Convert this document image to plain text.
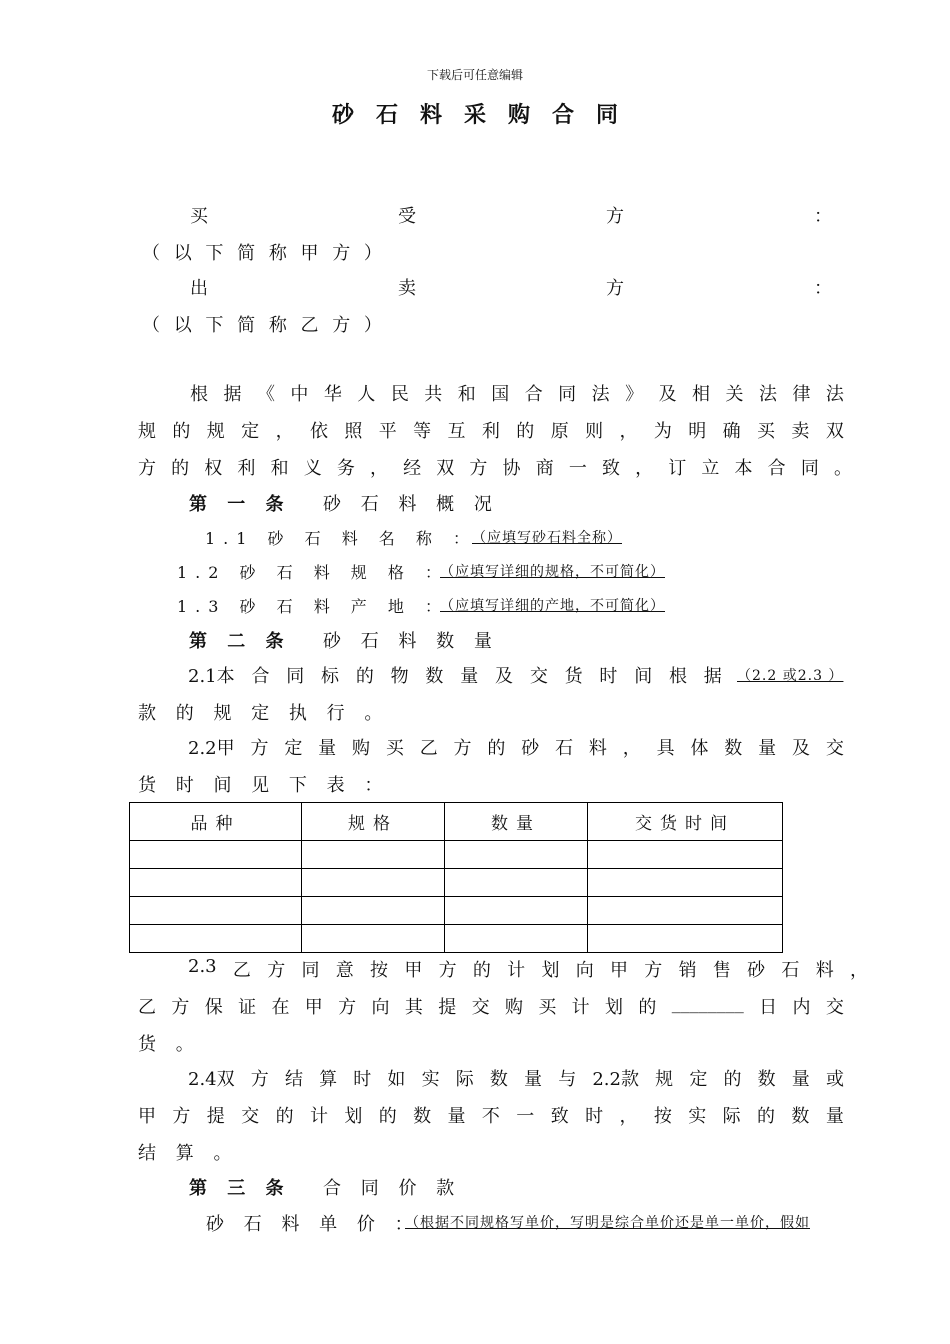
下载后可任意编辑
砂石料采购合同
买	受	方	：
（ 以 下 简 称 甲 方 ）
出	卖	方	：
（ 以 下 简 称 乙 方 ）
根 据 《 中 华 人 民 共 和 国 合 同 法 》 及 相 关 法 律 法
规 的 规 定 ， 依 照 平 等 互 利 的 原 则 ， 为 明 确 买 卖 双
方 的 权 利 和 义 务 ， 经 双 方 协 商 一 致 ， 订 立 本 合 同 。
第 一 条 砂 石 料 概 况
1.1 砂 石 料 名 称 ：
（应填写砂石料全称）
1.2 砂 石 料 规 格 ：
（应填写详细的规格，不可简化）
1.3 砂 石 料 产 地 ：
（应填写详细的产地，不可简化）
第 二 条 砂 石 料 数 量
2.1本 合 同 标 的 物 数 量 及 交 货 时 间 根 据 （2.2 或2.3 ）
款 的 规 定 执 行 。
2.2甲 方 定 量 购 买 乙 方 的 砂 石 料 ， 具 体 数 量 及 交
货 时 间 见 下 表 ：
品种	规格	数量	交货时间

2.3 乙 方 同 意 按 甲 方 的 计 划 向 甲 方 销 售 砂 石 料 ，
乙 方 保 证 在 甲 方 向 其 提 交 购 买 计 划 的 ________ 日 内 交
货 。
2.4双 方 结 算 时 如 实 际 数 量 与 2.2款 规 定 的 数 量 或
甲 方 提 交 的 计 划 的 数 量 不 一 致 时 ， 按 实 际 的 数 量
结 算 。
第 三 条 合 同 价 款
砂 石 料 单 价 ：
（根据不同规格写单价，写明是综合单价还是单一单价，假如
